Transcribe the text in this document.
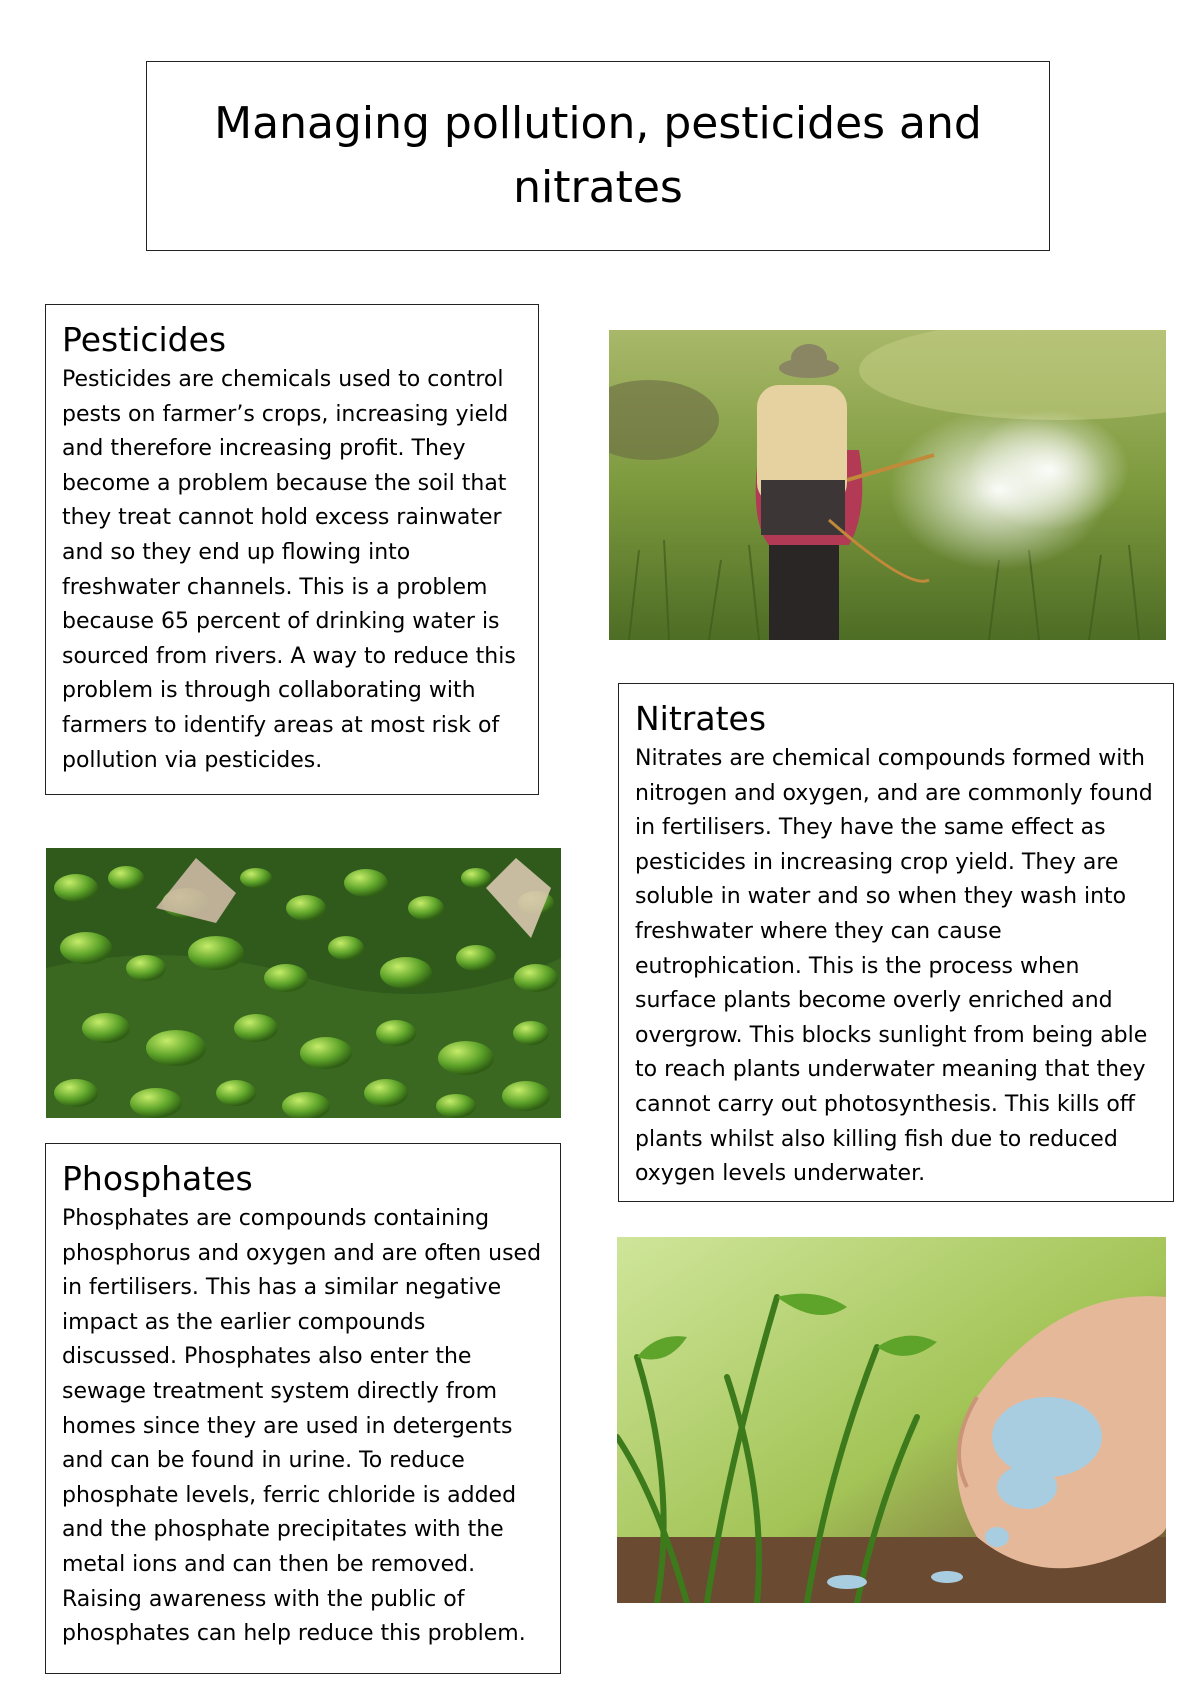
Managing pollution, pesticides and nitrates
Pesticides

Pesticides are chemicals used to control pests on farmer’s crops, increasing yield and therefore increasing profit. They become a problem because the soil that they treat cannot hold excess rainwater and so they end up flowing into freshwater channels. This is a problem because 65 percent of drinking water is sourced from rivers. A way to reduce this problem is through collaborating with farmers to identify areas at most risk of pollution via pesticides.

Phosphates

Phosphates are compounds containing phosphorus and oxygen and are often used in fertilisers. This has a similar negative impact as the earlier compounds discussed. Phosphates also enter the sewage treatment system directly from homes since they are used in detergents and can be found in urine. To reduce phosphate levels, ferric chloride is added and the phosphate precipitates with the metal ions and can then be removed. Raising awareness with the public of phosphates can help reduce this problem.

Nitrates

Nitrates are chemical compounds formed with nitrogen and oxygen, and are commonly found in fertilisers. They have the same effect as pesticides in increasing crop yield. They are soluble in water and so when they wash into freshwater where they can cause eutrophication. This is the process when surface plants become overly enriched and overgrow. This blocks sunlight from being able to reach plants underwater meaning that they cannot carry out photosynthesis. This kills off plants whilst also killing fish due to reduced oxygen levels underwater.
